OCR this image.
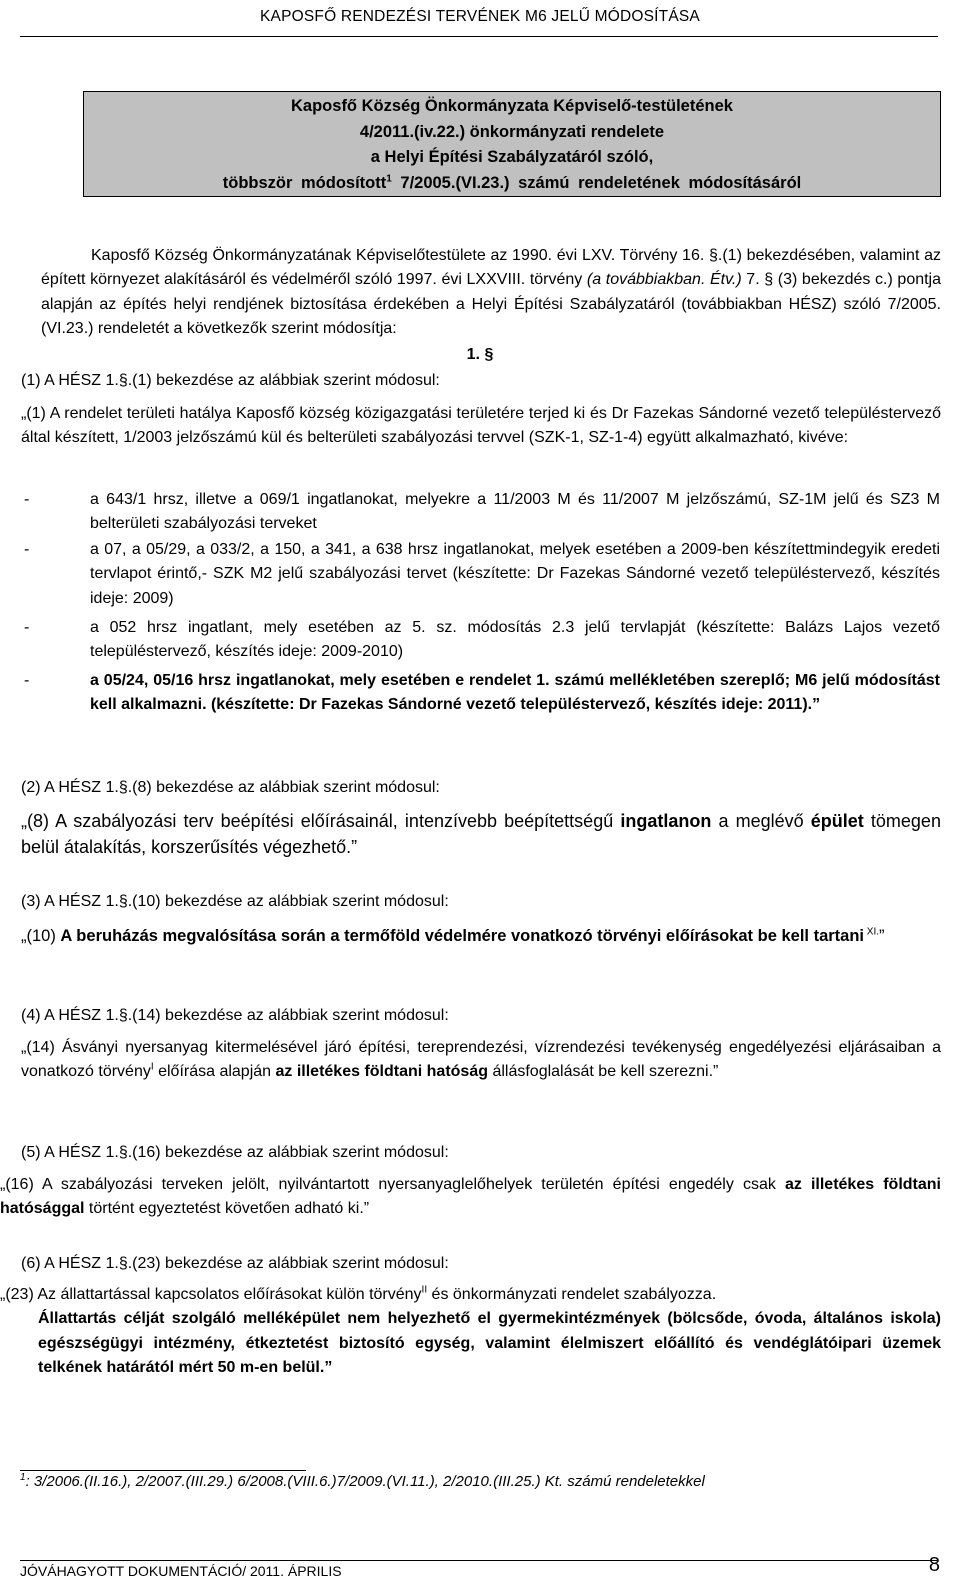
KAPOSFŐ RENDEZÉSI TERVÉNEK M6 JELŰ MÓDOSÍTÁSA
Kaposfő Község Önkormányzata Képviselő-testületének
4/2011.(iv.22.) önkormányzati rendelete
a Helyi Építési Szabályzatáról szóló,
többször módosított$^1$ 7/2005.(VI.23.) számú rendeletének módosításáról
Kaposfő Község Önkormányzatának Képviselőtestülete az 1990. évi LXV. Törvény 16. §.(1) bekezdésében, valamint az épített környezet alakításáról és védelméről szóló 1997. évi LXXVIII. törvény (a továbbiakban. Étv.) 7. § (3) bekezdés c.) pontja alapján az építés helyi rendjének biztosítása érdekében a Helyi Építési Szabályzatáról (továbbiakban HÉSZ) szóló 7/2005.(VI.23.) rendeletét a következők szerint módosítja:
1. §
(1) A HÉSZ 1.§.(1) bekezdése az alábbiak szerint módosul:
„(1) A rendelet területi hatálya Kaposfő község közigazgatási területére terjed ki és Dr Fazekas Sándorné vezető településtervező által készített, 1/2003 jelzőszámú kül és belterületi szabályozási tervvel (SZK-1, SZ-1-4) együtt alkalmazható, kivéve:
-	a 643/1 hrsz, illetve a 069/1 ingatlanokat, melyekre a 11/2003 M és 11/2007 M jelzőszámú, SZ-1M jelű és SZ3 M belterületi szabályozási terveket
-	a 07, a 05/29, a 033/2, a 150, a 341, a 638 hrsz ingatlanokat, melyek esetében a 2009-ben készítettmindegyik eredeti tervlapot érintő,- SZK M2 jelű szabályozási tervet (készítette: Dr Fazekas Sándorné vezető településtervező, készítés ideje: 2009)
-	a 052 hrsz ingatlant, mely esetében az 5. sz. módosítás 2.3 jelű tervlapját (készítette: Balázs Lajos vezető településtervező, készítés ideje: 2009-2010)
-	a 05/24, 05/16 hrsz ingatlanokat, mely esetében e rendelet 1. számú mellékletében szereplő; M6 jelű módosítást kell alkalmazni. (készítette: Dr Fazekas Sándorné vezető településtervező, készítés ideje: 2011).”
(2) A HÉSZ 1.§.(8) bekezdése az alábbiak szerint módosul:
„(8) A szabályozási terv beépítési előírásainál, intenzívebb beépítettségű ingatlanon a meglévő épület tömegen belül átalakítás, korszerűsítés végezhető.”
(3) A HÉSZ 1.§.(10) bekezdése az alábbiak szerint módosul:
„(10) A beruházás megvalósítása során a termőföld védelmére vonatkozó törvényi előírásokat be kell tartani $^{XI.}$”
(4) A HÉSZ 1.§.(14) bekezdése az alábbiak szerint módosul:
„(14) Ásványi nyersanyag kitermelésével járó építési, tereprendezési, vízrendezési tevékenység engedélyezési eljárásaiban a vonatkozó törvény$^I$ előírása alapján az illetékes földtani hatóság állásfoglalását be kell szerezni.”
(5) A HÉSZ 1.§.(16) bekezdése az alábbiak szerint módosul:
„(16) A szabályozási terveken jelölt, nyilvántartott nyersanyaglelőhelyek területén építési engedély csak az illetékes földtani hatósággal történt egyeztetést követően adható ki.”
(6) A HÉSZ 1.§.(23) bekezdése az alábbiak szerint módosul:
„(23) Az állattartással kapcsolatos előírásokat külön törvény$^{II}$ és önkormányzati rendelet szabályozza.
Állattartás célját szolgáló melléképület nem helyezhető el gyermekintézmények (bölcsőde, óvoda, általános iskola) egészségügyi intézmény, étkeztetést biztosító egység, valamint élelmiszert előállító és vendéglátóipari üzemek telkének határától mért 50 m-en belül.”
$^1$: 3/2006.(II.16.), 2/2007.(III.29.) 6/2008.(VIII.6.)7/2009.(VI.11.), 2/2010.(III.25.) Kt. számú rendeletekkel
JÓVÁHAGYOTT DOKUMENTÁCIÓ/ 2011. ÁPRILIS	8
